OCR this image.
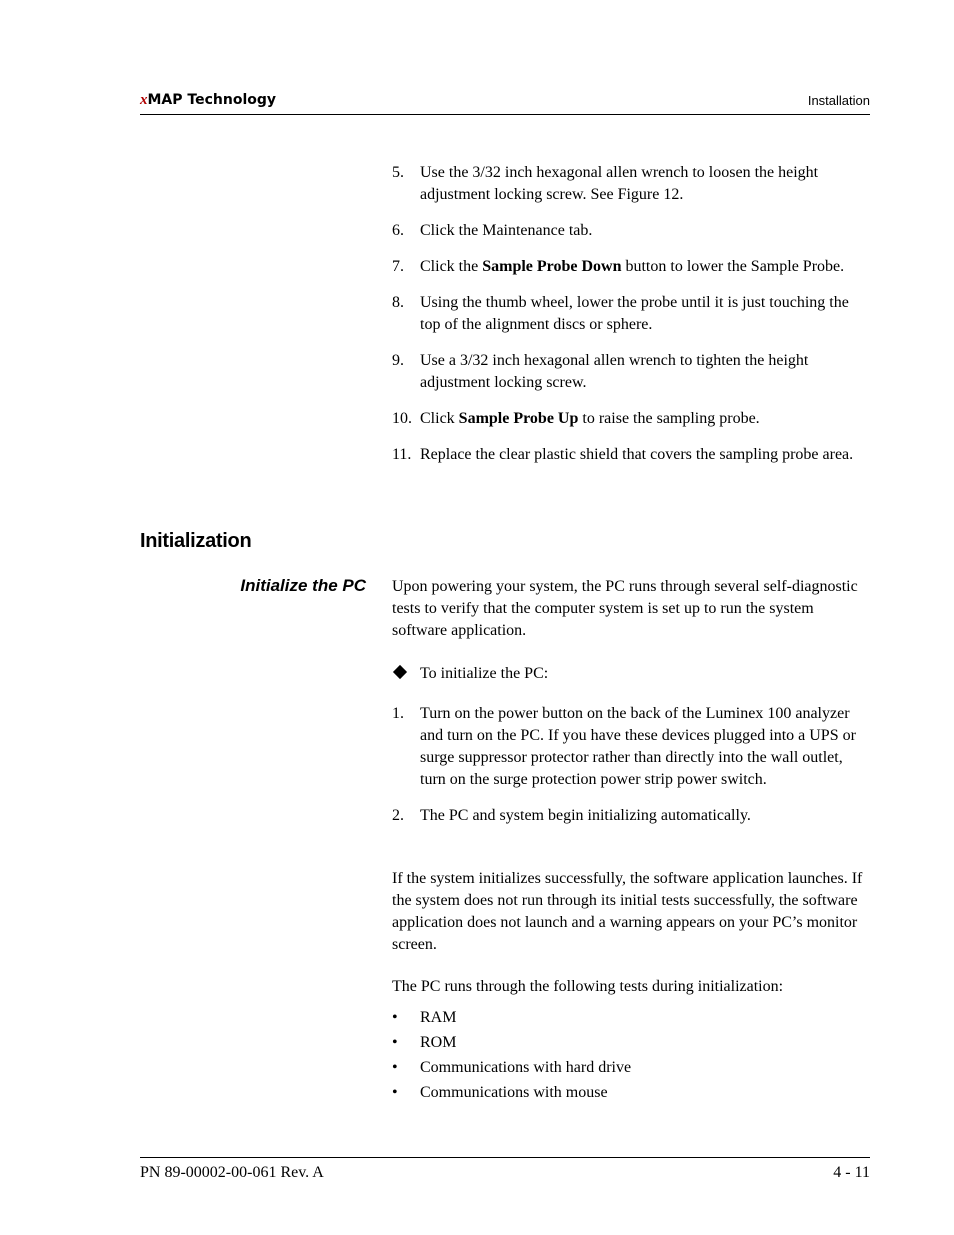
xMAP Technology	Installation
5. Use the 3/32 inch hexagonal allen wrench to loosen the height adjustment locking screw. See Figure 12.
6. Click the Maintenance tab.
7. Click the Sample Probe Down button to lower the Sample Probe.
8. Using the thumb wheel, lower the probe until it is just touching the top of the alignment discs or sphere.
9. Use a 3/32 inch hexagonal allen wrench to tighten the height adjustment locking screw.
10. Click Sample Probe Up to raise the sampling probe.
11. Replace the clear plastic shield that covers the sampling probe area.
Initialization
Initialize the PC Upon powering your system, the PC runs through several self-diagnostic tests to verify that the computer system is set up to run the system software application.

To initialize the PC:
1. Turn on the power button on the back of the Luminex 100 analyzer and turn on the PC. If you have these devices plugged into a UPS or surge suppressor protector rather than directly into the wall outlet, turn on the surge protection power strip power switch.
2. The PC and system begin initializing automatically.

If the system initializes successfully, the software application launches. If the system does not run through its initial tests successfully, the software application does not launch and a warning appears on your PC’s monitor screen.

The PC runs through the following tests during initialization:

• RAM
• ROM
• Communications with hard drive
• Communications with mouse
PN 89-00002-00-061 Rev. A	4 - 11
